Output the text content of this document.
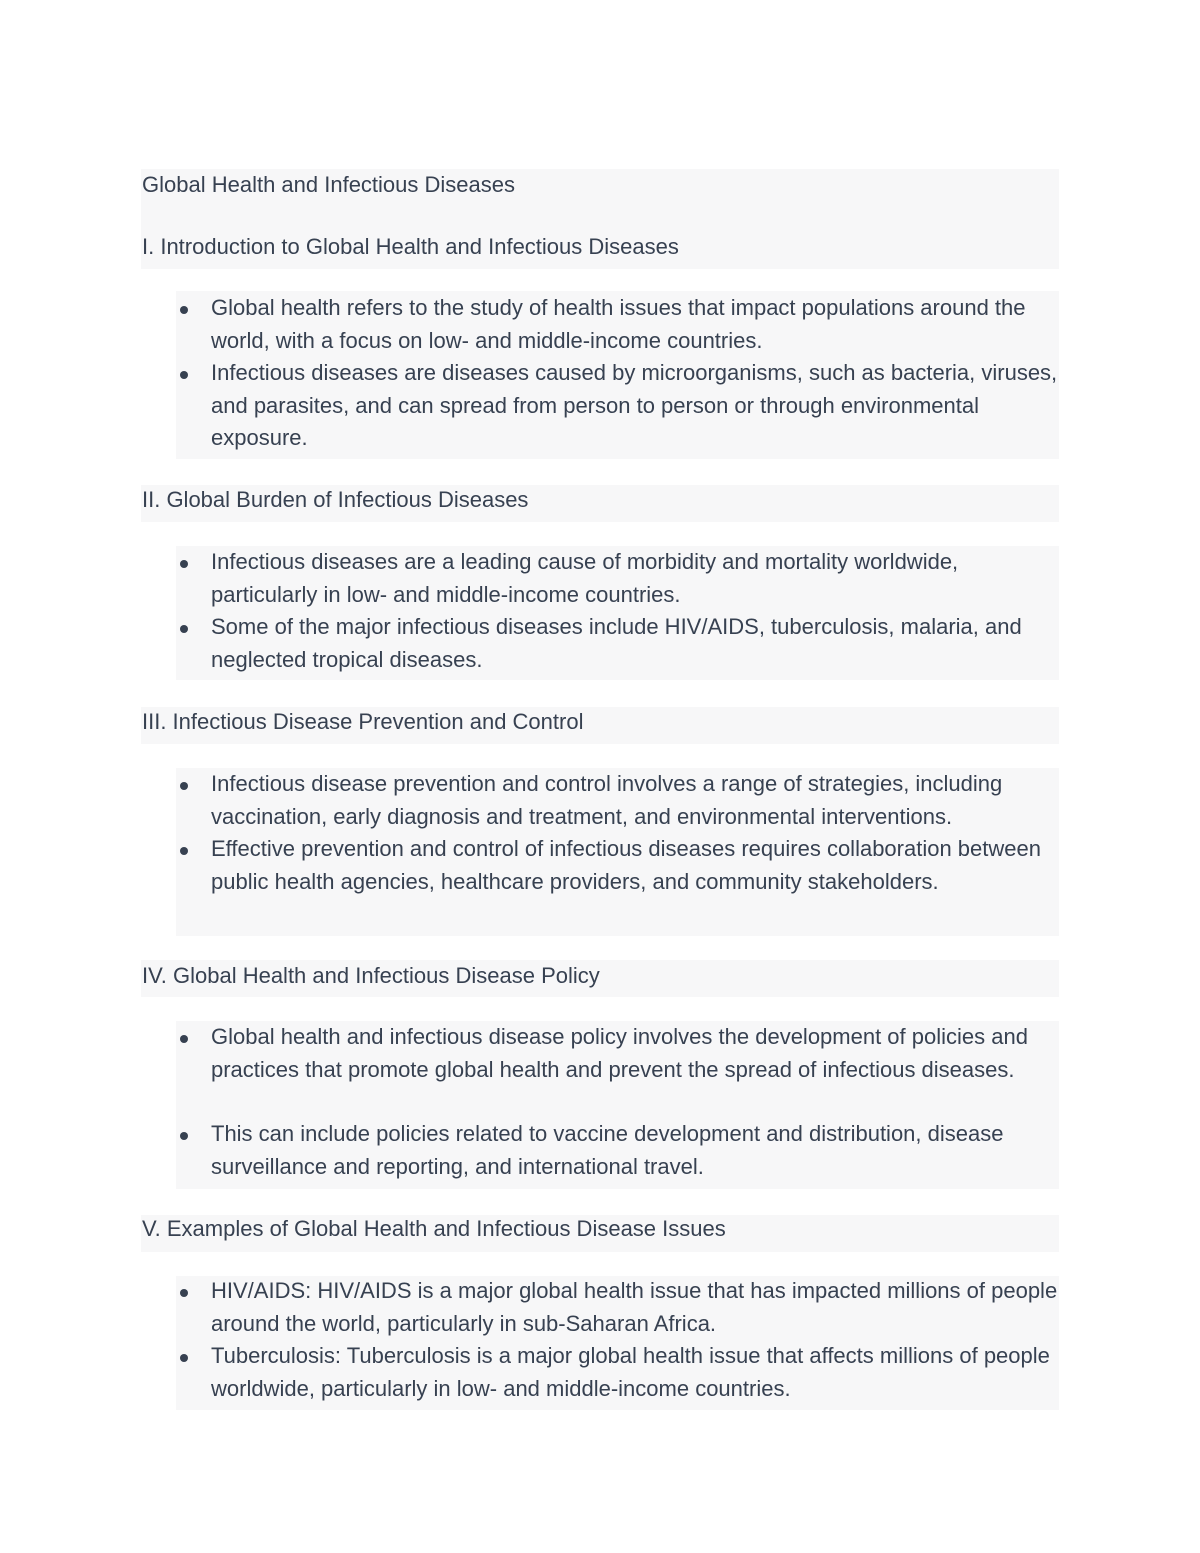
Global Health and Infectious Diseases
I. Introduction to Global Health and Infectious Diseases
Global health refers to the study of health issues that impact populations around the world, with a focus on low- and middle-income countries.
Infectious diseases are diseases caused by microorganisms, such as bacteria, viruses, and parasites, and can spread from person to person or through environmental exposure.
II. Global Burden of Infectious Diseases
Infectious diseases are a leading cause of morbidity and mortality worldwide, particularly in low- and middle-income countries.
Some of the major infectious diseases include HIV/AIDS, tuberculosis, malaria, and neglected tropical diseases.
III. Infectious Disease Prevention and Control
Infectious disease prevention and control involves a range of strategies, including vaccination, early diagnosis and treatment, and environmental interventions.
Effective prevention and control of infectious diseases requires collaboration between public health agencies, healthcare providers, and community stakeholders.
IV. Global Health and Infectious Disease Policy
Global health and infectious disease policy involves the development of policies and practices that promote global health and prevent the spread of infectious diseases.
This can include policies related to vaccine development and distribution, disease surveillance and reporting, and international travel.
V. Examples of Global Health and Infectious Disease Issues
HIV/AIDS: HIV/AIDS is a major global health issue that has impacted millions of people around the world, particularly in sub-Saharan Africa.
Tuberculosis: Tuberculosis is a major global health issue that affects millions of people worldwide, particularly in low- and middle-income countries.
